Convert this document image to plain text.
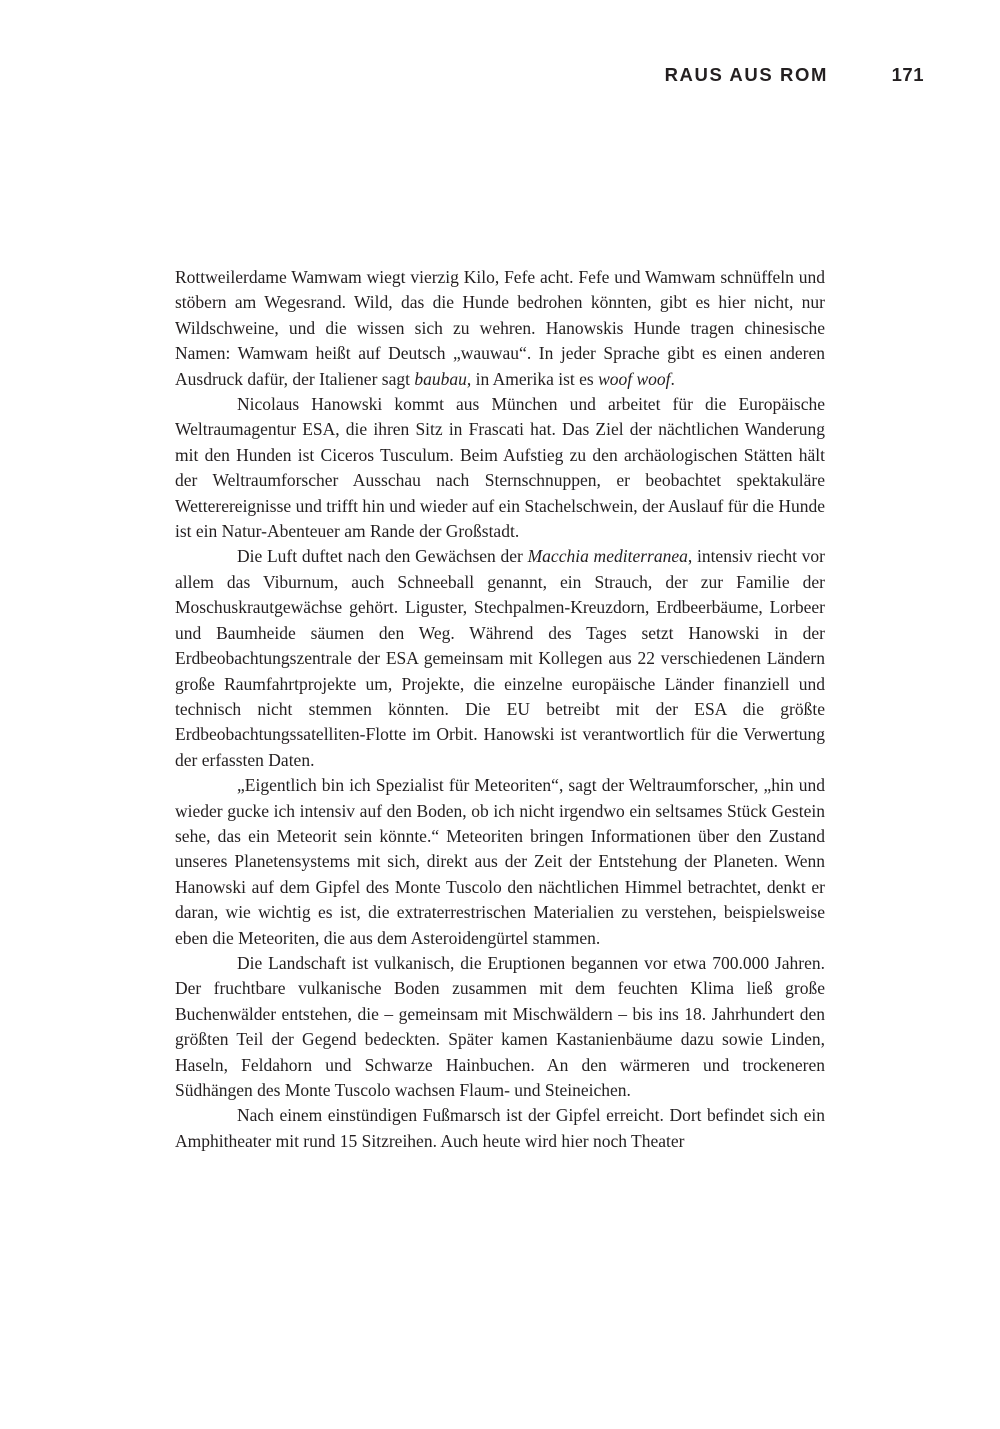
RAUS AUS ROM	171

Rottweilerdame Wamwam wiegt vierzig Kilo, Fefe acht. Fefe und Wamwam schnüffeln und stöbern am Wegesrand. Wild, das die Hunde bedrohen könnten, gibt es hier nicht, nur Wildschweine, und die wissen sich zu wehren. Hanowskis Hunde tragen chinesische Namen: Wamwam heißt auf Deutsch „wauwau“. In jeder Sprache gibt es einen anderen Ausdruck dafür, der Italiener sagt baubau, in Amerika ist es woof woof.

Nicolaus Hanowski kommt aus München und arbeitet für die Europäische Weltraumagentur ESA, die ihren Sitz in Frascati hat. Das Ziel der nächtlichen Wanderung mit den Hunden ist Ciceros Tusculum. Beim Aufstieg zu den archäologischen Stätten hält der Weltraumforscher Ausschau nach Sternschnuppen, er beobachtet spektakuläre Wetterereignisse und trifft hin und wieder auf ein Stachelschwein, der Auslauf für die Hunde ist ein Natur-Abenteuer am Rande der Großstadt.

Die Luft duftet nach den Gewächsen der Macchia mediterranea, intensiv riecht vor allem das Viburnum, auch Schneeball genannt, ein Strauch, der zur Familie der Moschuskrautgewächse gehört. Liguster, Stechpalmen-Kreuzdorn, Erdbeerbäume, Lorbeer und Baumheide säumen den Weg. Während des Tages setzt Hanowski in der Erdbeobachtungszentrale der ESA gemeinsam mit Kollegen aus 22 verschiedenen Ländern große Raumfahrtprojekte um, Projekte, die einzelne europäische Länder finanziell und technisch nicht stemmen könnten. Die EU betreibt mit der ESA die größte Erdbeobachtungssatelliten-Flotte im Orbit. Hanowski ist verantwortlich für die Verwertung der erfassten Daten.

„Eigentlich bin ich Spezialist für Meteoriten“, sagt der Weltraumforscher, „hin und wieder gucke ich intensiv auf den Boden, ob ich nicht irgendwo ein seltsames Stück Gestein sehe, das ein Meteorit sein könnte.“ Meteoriten bringen Informationen über den Zustand unseres Planetensystems mit sich, direkt aus der Zeit der Entstehung der Planeten. Wenn Hanowski auf dem Gipfel des Monte Tuscolo den nächtlichen Himmel betrachtet, denkt er daran, wie wichtig es ist, die extraterrestrischen Materialien zu verstehen, beispielsweise eben die Meteoriten, die aus dem Asteroidengürtel stammen.

Die Landschaft ist vulkanisch, die Eruptionen begannen vor etwa 700.000 Jahren. Der fruchtbare vulkanische Boden zusammen mit dem feuchten Klima ließ große Buchenwälder entstehen, die – gemeinsam mit Mischwäldern – bis ins 18. Jahrhundert den größten Teil der Gegend bedeckten. Später kamen Kastanienbäume dazu sowie Linden, Haseln, Feldahorn und Schwarze Hainbuchen. An den wärmeren und trockeneren Südhängen des Monte Tuscolo wachsen Flaum- und Steineichen.

Nach einem einstündigen Fußmarsch ist der Gipfel erreicht. Dort befindet sich ein Amphitheater mit rund 15 Sitzreihen. Auch heute wird hier noch Theater
